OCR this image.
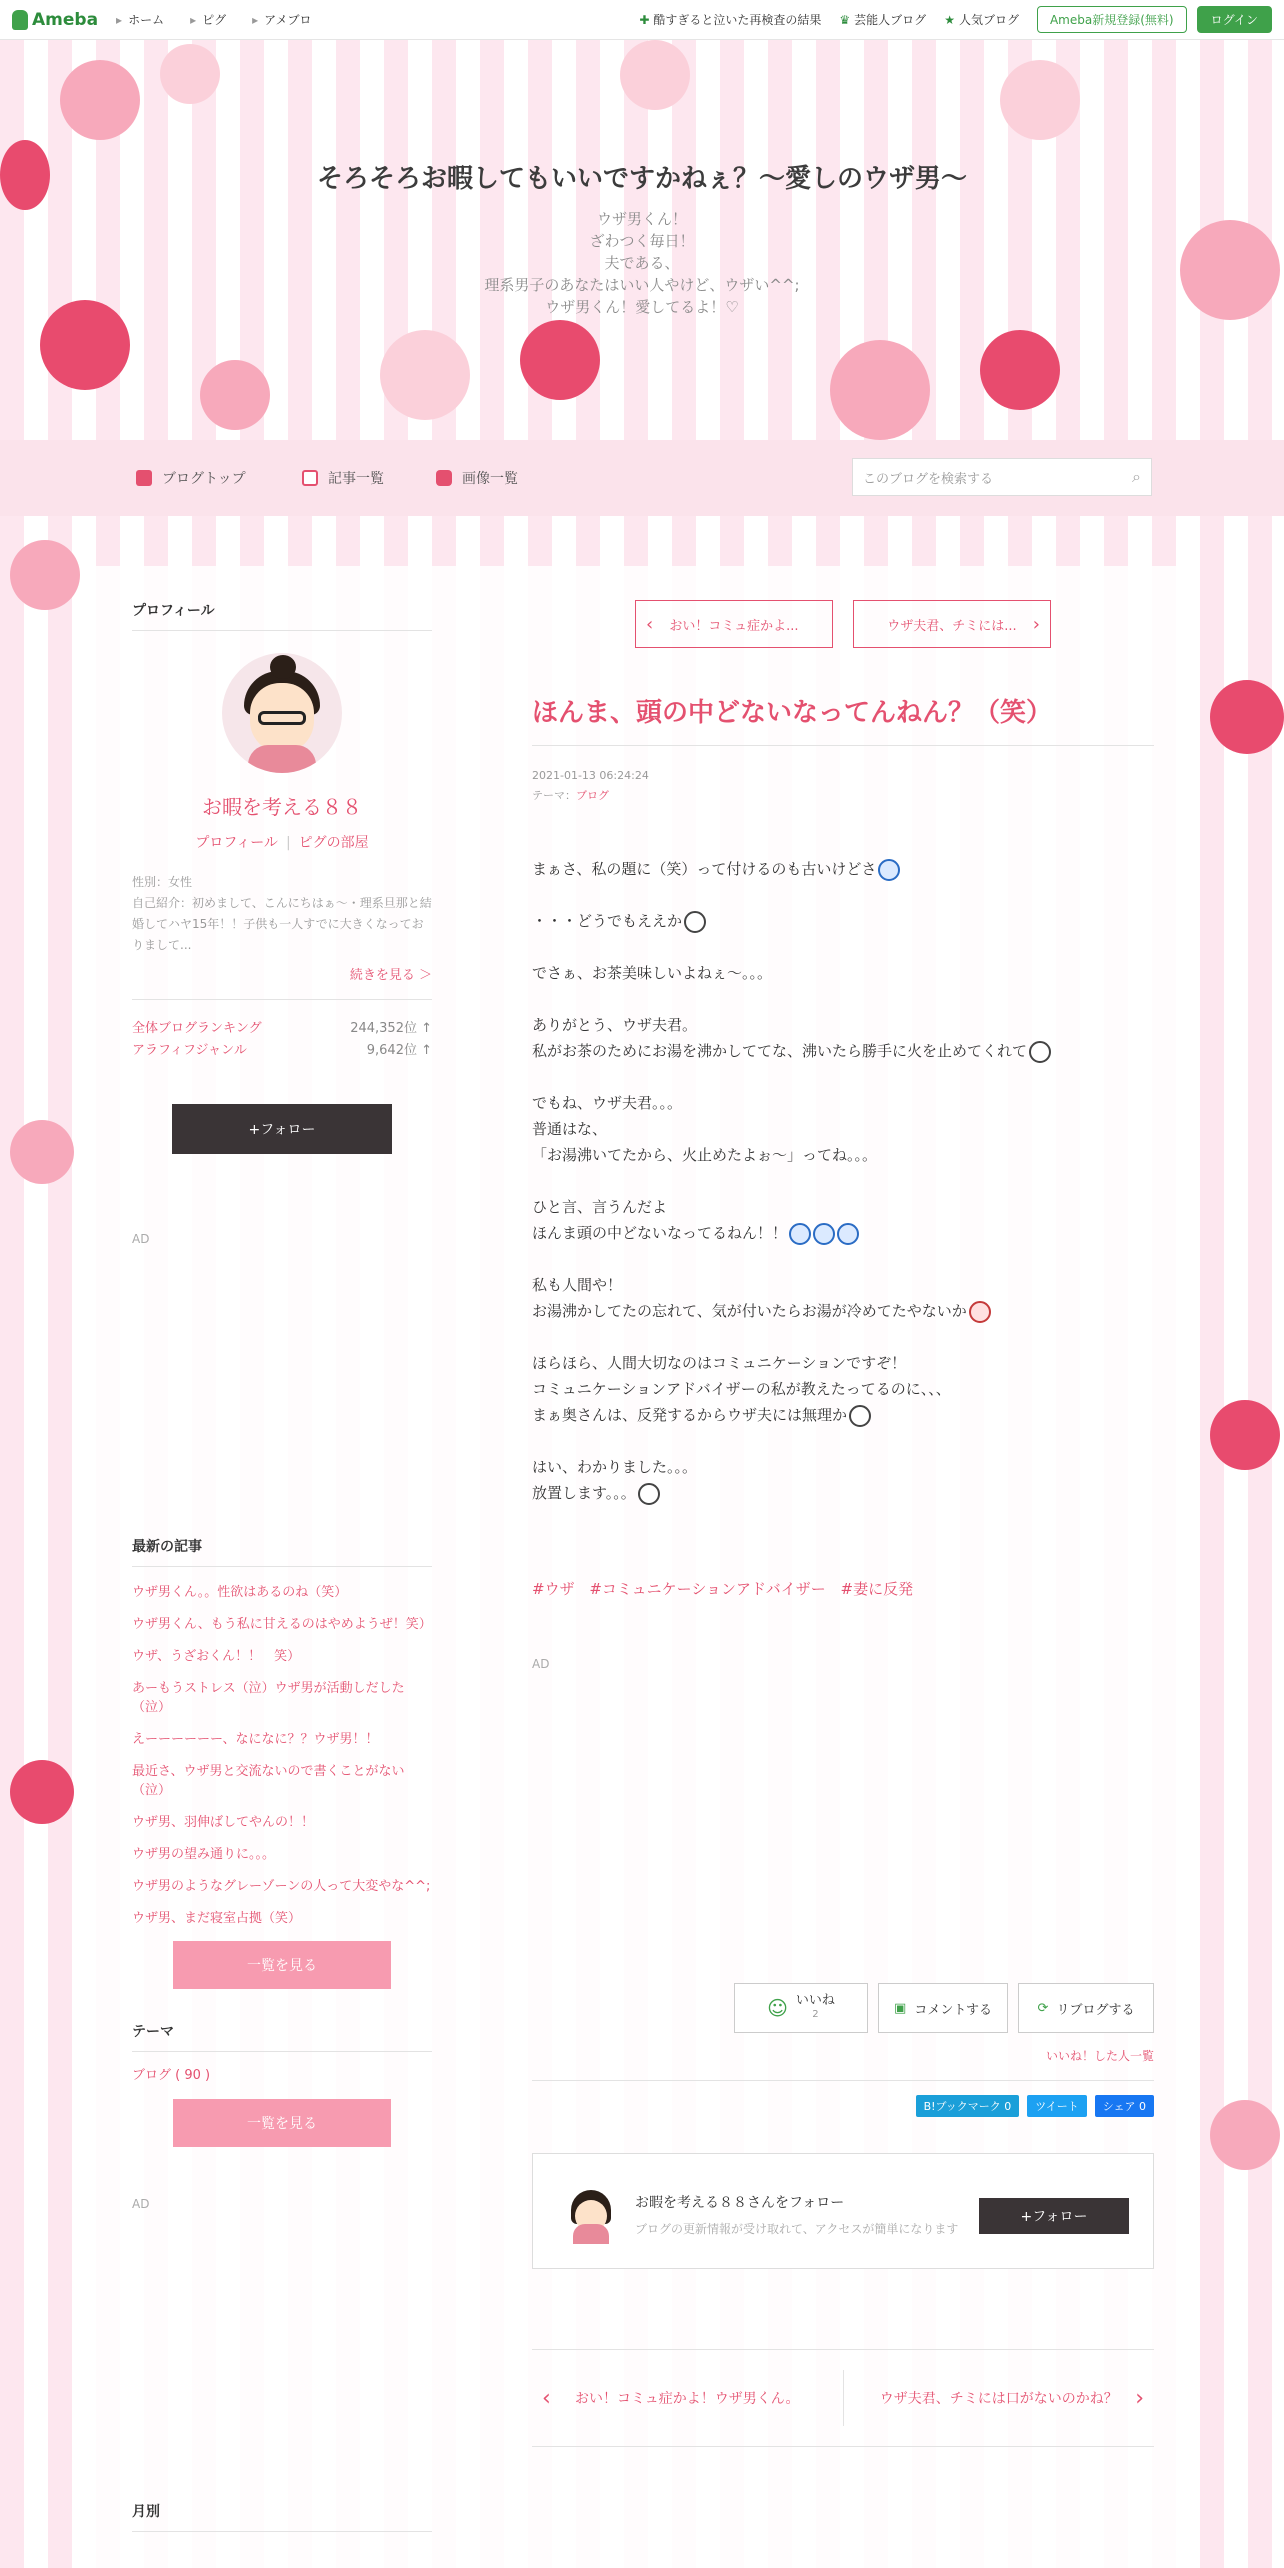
Ameba	▸ ホーム	▸ ピグ	▸ アメブロ	✚ 酷すぎると泣いた再検査の結果 ♛ 芸能人ブログ ★ 人気ブログ	Ameba新規登録(無料)	ログイン
そろそろお暇してもいいですかねぇ？〜愛しのウザ男〜
ウザ男くん！
ざわつく毎日！
夫である、
理系男子のあなたはいい人やけど、ウザい^^;
ウザ男くん！愛してるよ！♡
ブログトップ	記事一覧	画像一覧	このブログを検索する	⌕
プロフィール
お暇を考える８８
プロフィール | ピグの部屋
性別：女性
自己紹介：初めまして、こんにちはぁ〜・理系旦那と結婚してハヤ15年！！子供も一人すでに大きくなっておりまして...
続きを見る ＞
全体ブログランキング	244,352位 ↑
アラフィフジャンル	9,642位 ↑
+フォロー
AD
最新の記事
ウザ男くん。。性欲はあるのね（笑）
ウザ男くん、もう私に甘えるのはやめようぜ！笑）
ウザ、うざおくん！！　笑）
あーもうストレス（泣）ウザ男が活動しだした（泣）
えーーーーーー、なになに？？ウザ男！！
最近さ、ウザ男と交流ないので書くことがない（泣）
ウザ男、羽伸ばしてやんの！！
ウザ男の望み通りに。。。
ウザ男のようなグレーゾーンの人って大変やな^^;
ウザ男、まだ寝室占拠（笑）
一覧を見る
テーマ
ブログ ( 90 )
一覧を見る
AD
月別
‹ おい！コミュ症かよ...	ウザ夫君、チミには... ›
ほんま、頭の中どないなってんねん？（笑）
2021-01-13 06:24:24
テーマ：ブログ

まぁさ、私の題に（笑）って付けるのも古いけどさ

・・・どうでもええか

でさぁ、お茶美味しいよねぇ〜。。。

ありがとう、ウザ夫君。
私がお茶のためにお湯を沸かしててな、沸いたら勝手に火を止めてくれて

でもね、ウザ夫君。。。
普通はな、
「お湯沸いてたから、火止めたよぉ〜」ってね。。。

ひと言、言うんだよ
ほんま頭の中どないなってるねん！！

私も人間や！
お湯沸かしてたの忘れて、気が付いたらお湯が冷めてたやないか

ほらほら、人間大切なのはコミュニケーションですぞ！
コミュニケーションアドバイザーの私が教えたってるのに、、、
まぁ奥さんは、反発するからウザ夫には無理か

はい、わかりました。。。
放置します。。。

#ウザ #コミュニケーションアドバイザー #妻に反発
AD
☺ いいね
2	▣ コメントする	⟳ リブログする
いいね！した人一覧
B!ブックマーク 0	ツイート	シェア 0
お暇を考える８８さんをフォロー
ブログの更新情報が受け取れて、アクセスが簡単になります
+フォロー
‹ おい！コミュ症かよ！ウザ男くん。	ウザ夫君、チミには口がないのかね？ ›
